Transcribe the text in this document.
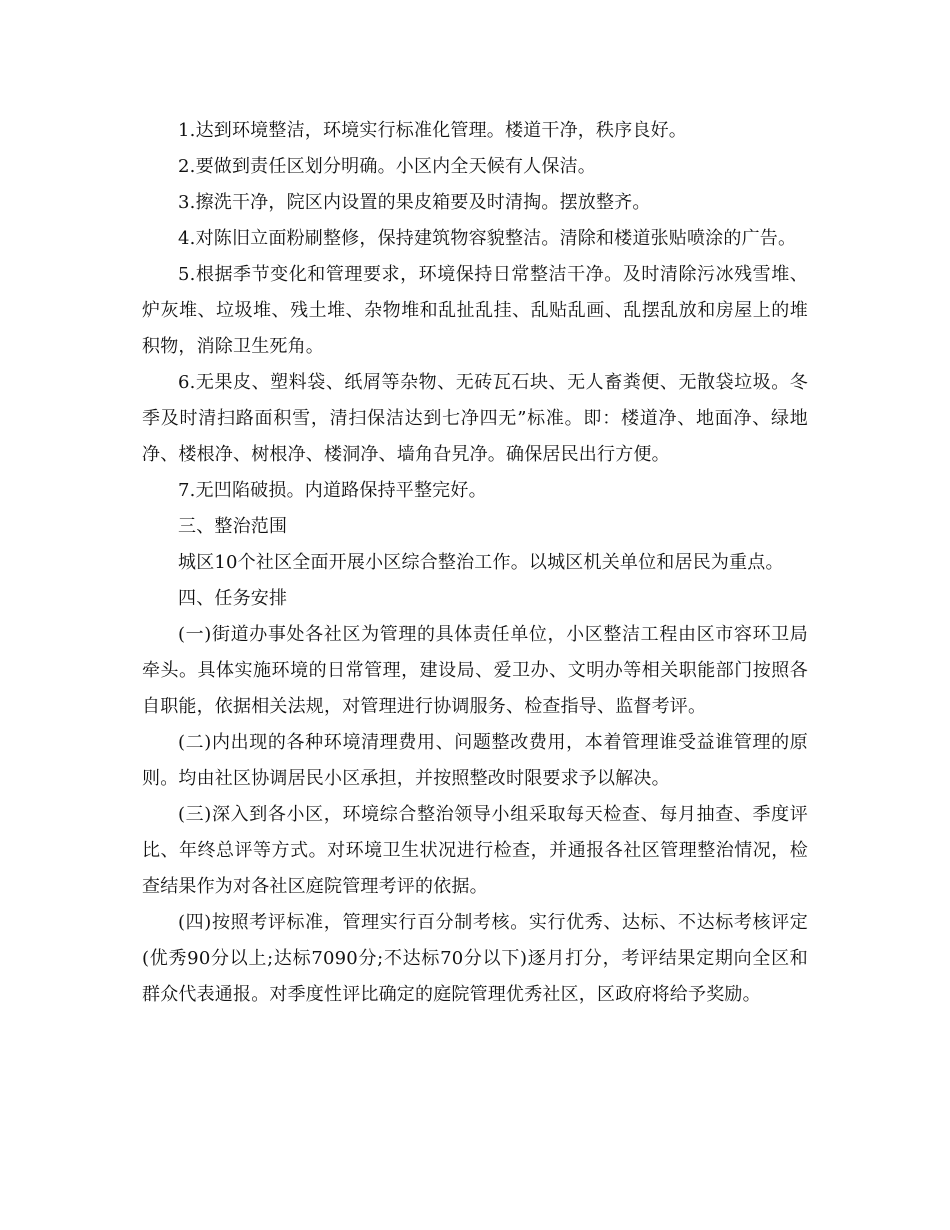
1.达到环境整洁，环境实行标准化管理。楼道干净，秩序良好。

2.要做到责任区划分明确。小区内全天候有人保洁。

3.擦洗干净，院区内设置的果皮箱要及时清掏。摆放整齐。

4.对陈旧立面粉刷整修，保持建筑物容貌整洁。清除和楼道张贴喷涂的广告。

5.根据季节变化和管理要求，环境保持日常整洁干净。及时清除污冰残雪堆、炉灰堆、垃圾堆、残土堆、杂物堆和乱扯乱挂、乱贴乱画、乱摆乱放和房屋上的堆积物，消除卫生死角。

6.无果皮、塑料袋、纸屑等杂物、无砖瓦石块、无人畜粪便、无散袋垃圾。冬季及时清扫路面积雪，清扫保洁达到七净四无”标准。即：楼道净、地面净、绿地净、楼根净、树根净、楼洞净、墙角旮旯净。确保居民出行方便。

7.无凹陷破损。内道路保持平整完好。

三、整治范围

城区10个社区全面开展小区综合整治工作。以城区机关单位和居民为重点。

四、任务安排

(一)街道办事处各社区为管理的具体责任单位，小区整洁工程由区市容环卫局牵头。具体实施环境的日常管理，建设局、爱卫办、文明办等相关职能部门按照各自职能，依据相关法规，对管理进行协调服务、检查指导、监督考评。

(二)内出现的各种环境清理费用、问题整改费用，本着管理谁受益谁管理的原则。均由社区协调居民小区承担，并按照整改时限要求予以解决。

(三)深入到各小区，环境综合整治领导小组采取每天检查、每月抽查、季度评比、年终总评等方式。对环境卫生状况进行检查，并通报各社区管理整治情况，检查结果作为对各社区庭院管理考评的依据。

(四)按照考评标准，管理实行百分制考核。实行优秀、达标、不达标考核评定(优秀90分以上;达标7090分;不达标70分以下)逐月打分，考评结果定期向全区和群众代表通报。对季度性评比确定的庭院管理优秀社区，区政府将给予奖励。
